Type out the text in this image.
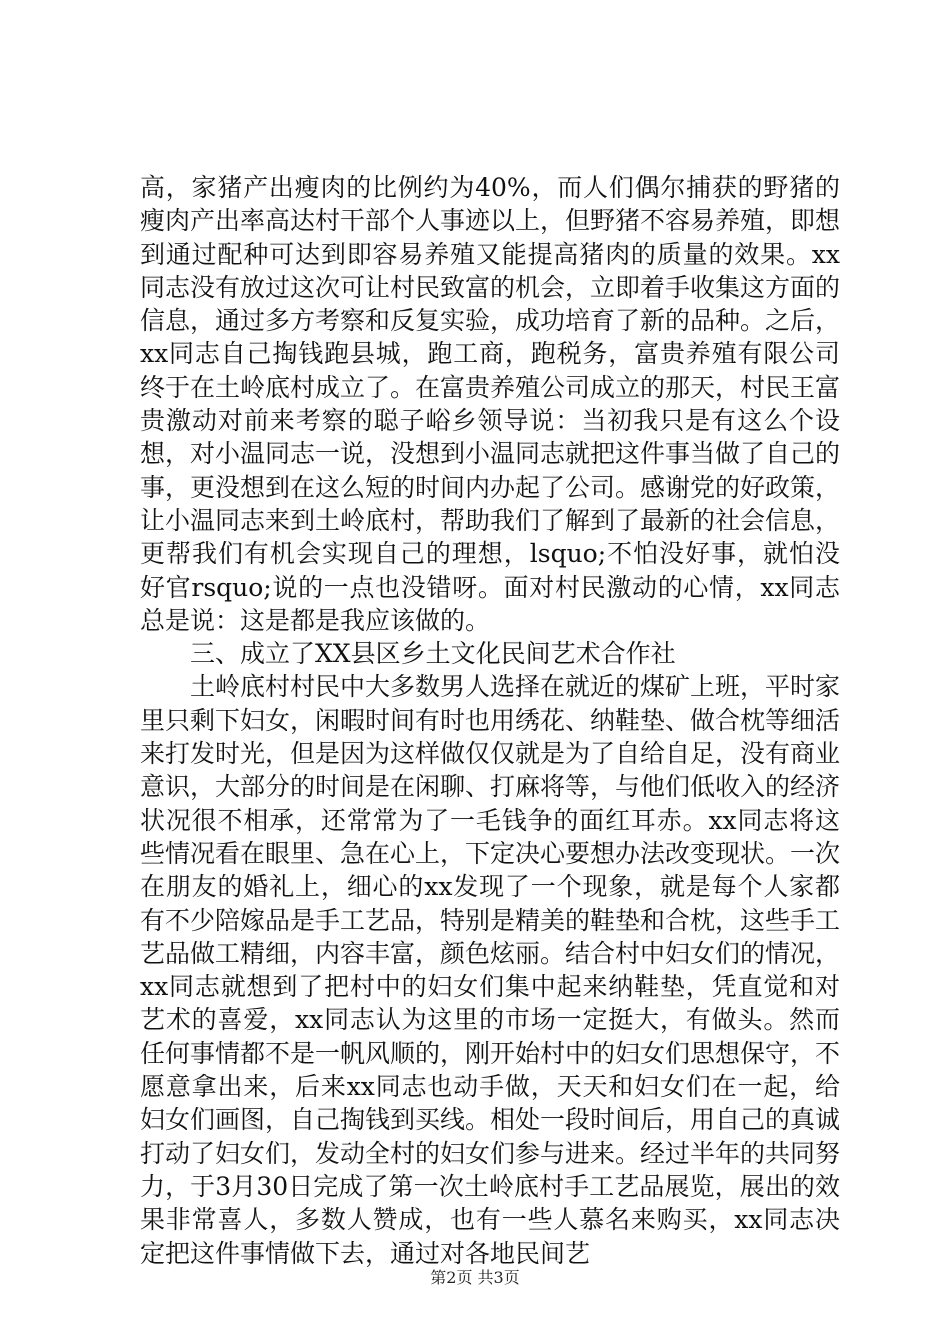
高，家猪产出瘦肉的比例约为40%，而人们偶尔捕获的野猪的瘦肉产出率高达村干部个人事迹以上，但野猪不容易养殖，即想到通过配种可达到即容易养殖又能提高猪肉的质量的效果。xx同志没有放过这次可让村民致富的机会，立即着手收集这方面的信息，通过多方考察和反复实验，成功培育了新的品种。之后，xx同志自己掏钱跑县城，跑工商，跑税务，富贵养殖有限公司终于在土岭底村成立了。在富贵养殖公司成立的那天，村民王富贵激动对前来考察的聪子峪乡领导说：当初我只是有这么个设想，对小温同志一说，没想到小温同志就把这件事当做了自己的事，更没想到在这么短的时间内办起了公司。感谢党的好政策，让小温同志来到土岭底村，帮助我们了解到了最新的社会信息，更帮我们有机会实现自己的理想，lsquo;不怕没好事，就怕没好官rsquo;说的一点也没错呀。面对村民激动的心情，xx同志总是说：这是都是我应该做的。

三、成立了XX县区乡土文化民间艺术合作社

土岭底村村民中大多数男人选择在就近的煤矿上班，平时家里只剩下妇女，闲暇时间有时也用绣花、纳鞋垫、做合枕等细活来打发时光，但是因为这样做仅仅就是为了自给自足，没有商业意识，大部分的时间是在闲聊、打麻将等，与他们低收入的经济状况很不相承，还常常为了一毛钱争的面红耳赤。xx同志将这些情况看在眼里、急在心上，下定决心要想办法改变现状。一次在朋友的婚礼上，细心的xx发现了一个现象，就是每个人家都有不少陪嫁品是手工艺品，特别是精美的鞋垫和合枕，这些手工艺品做工精细，内容丰富，颜色炫丽。结合村中妇女们的情况，xx同志就想到了把村中的妇女们集中起来纳鞋垫，凭直觉和对艺术的喜爱，xx同志认为这里的市场一定挺大，有做头。然而任何事情都不是一帆风顺的，刚开始村中的妇女们思想保守，不愿意拿出来，后来xx同志也动手做，天天和妇女们在一起，给妇女们画图，自己掏钱到买线。相处一段时间后，用自己的真诚打动了妇女们，发动全村的妇女们参与进来。经过半年的共同努力，于3月30日完成了第一次土岭底村手工艺品展览，展出的效果非常喜人，多数人赞成，也有一些人慕名来购买，xx同志决定把这件事情做下去，通过对各地民间艺

第2页 共3页
